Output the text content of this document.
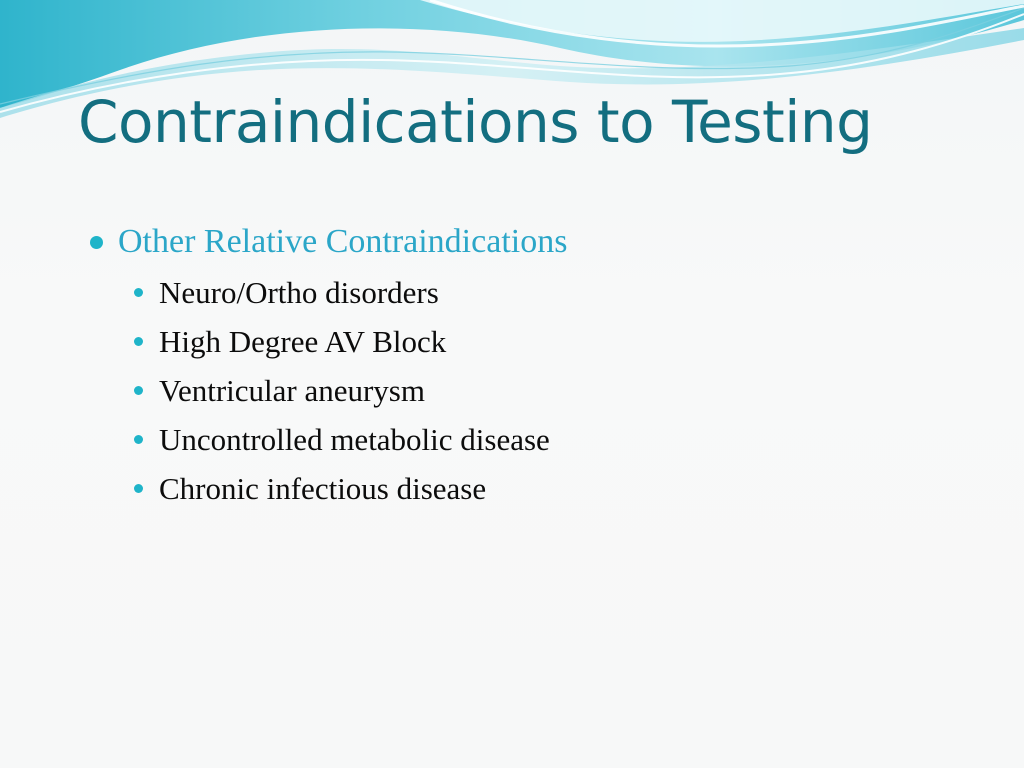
Contraindications to Testing
Other Relative Contraindications
Neuro/Ortho disorders
High Degree AV Block
Ventricular aneurysm
Uncontrolled metabolic disease
Chronic infectious disease
